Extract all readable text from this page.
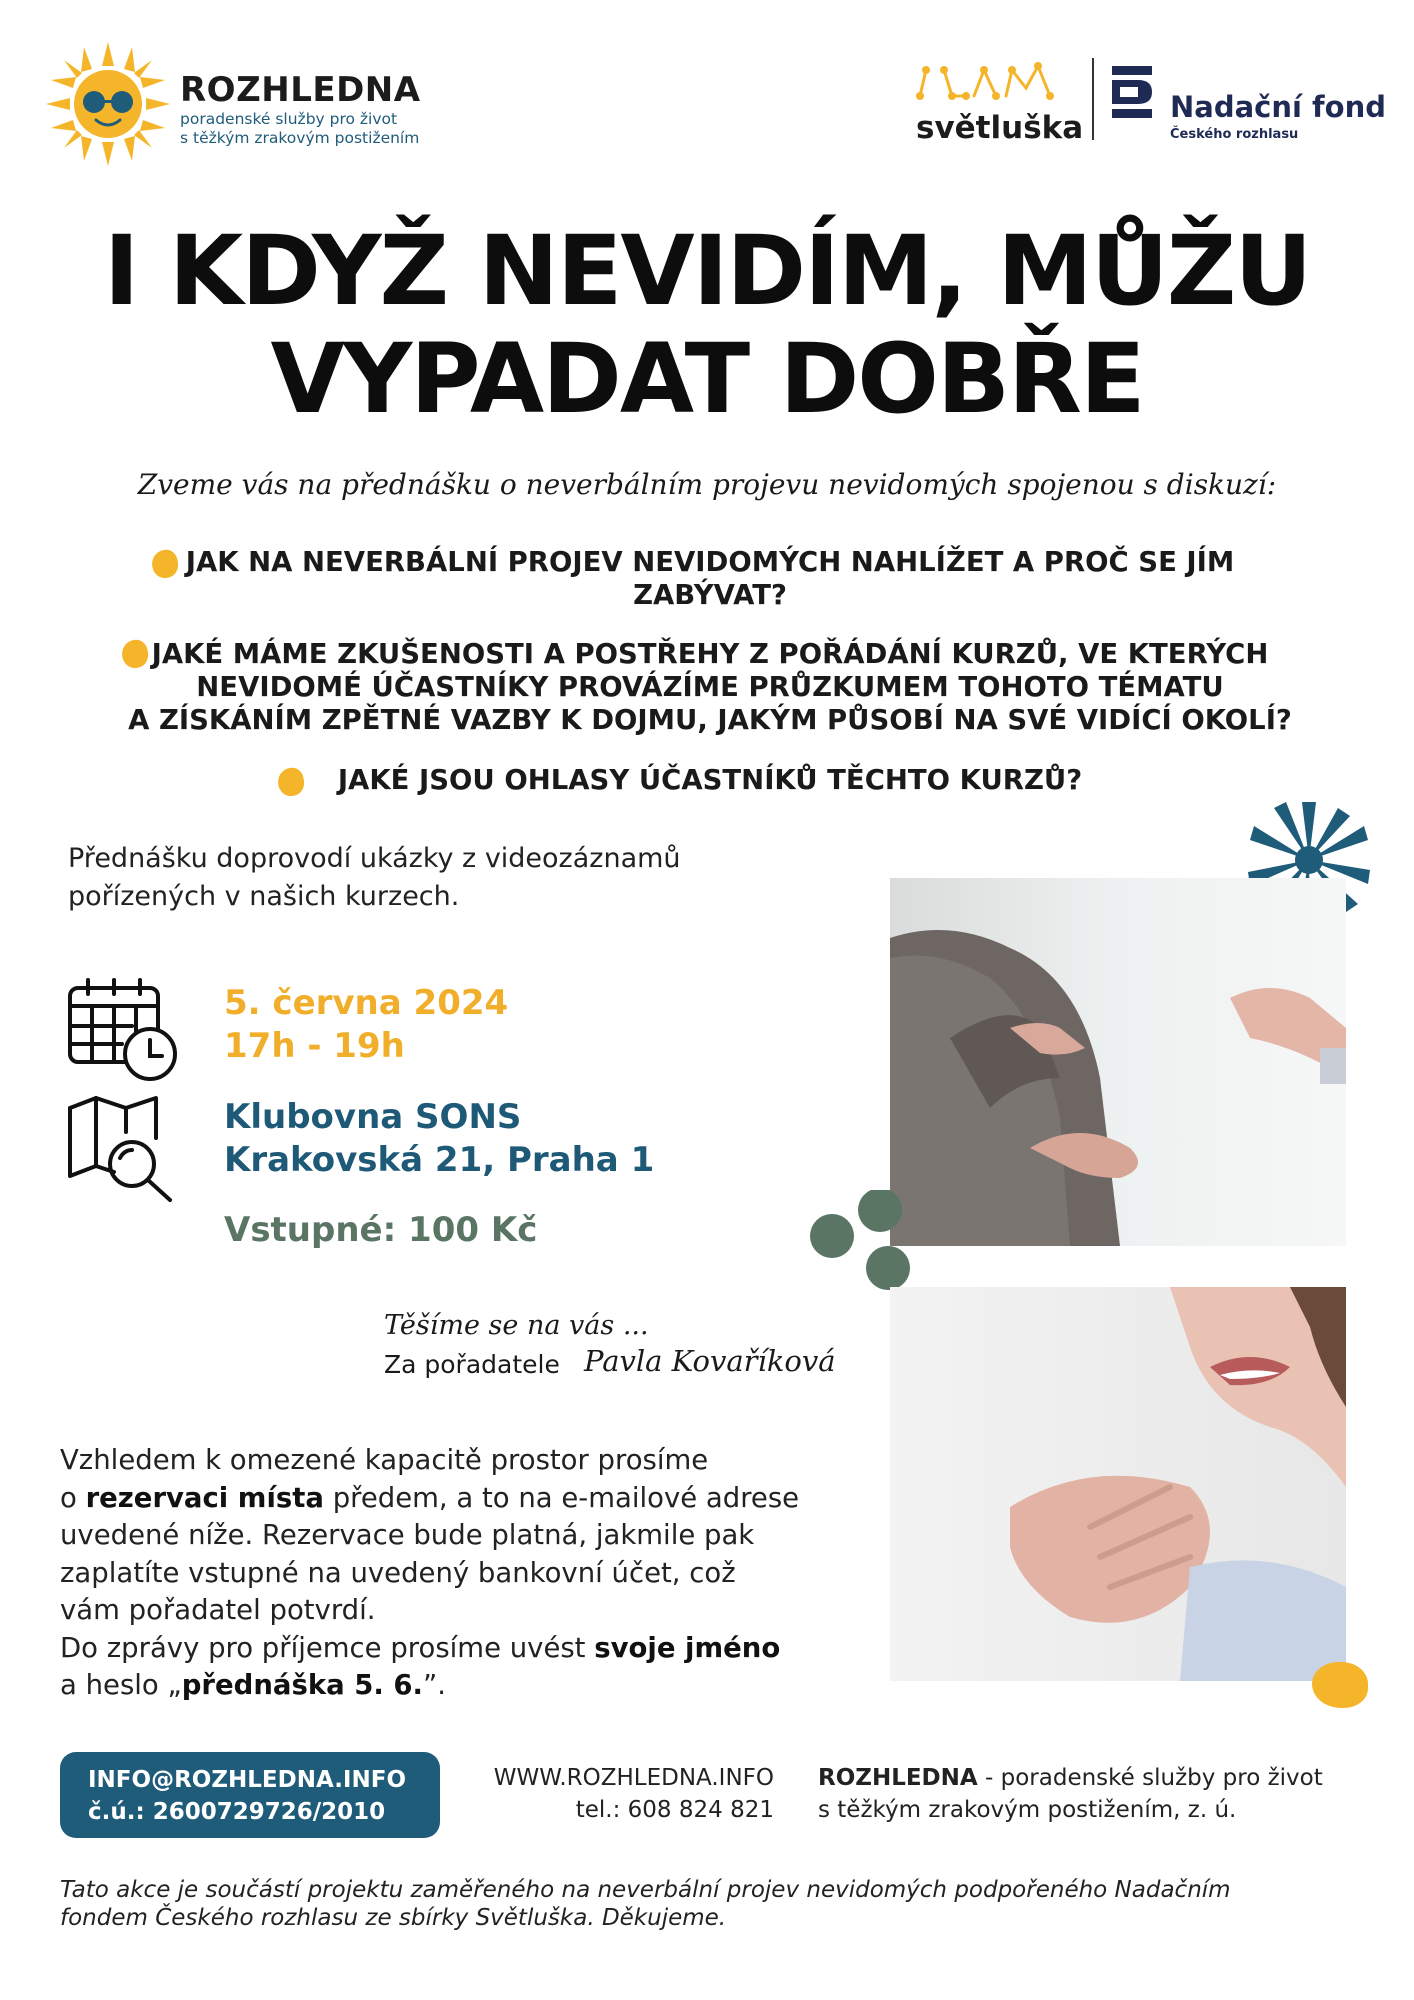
ROZHLEDNA
poradenské služby pro život
s těžkým zrakovým postižením	světluška
Nadační fond
Českého rozhlasu
I KDYŽ NEVIDÍM, MŮŽU
VYPADAT DOBŘE
Zveme vás na přednášku o neverbálním projevu nevidomých spojenou s diskuzí:
JAK NA NEVERBÁLNÍ PROJEV NEVIDOMÝCH NAHLÍŽET A PROČ SE JÍM
ZABÝVAT?
JAKÉ MÁME ZKUŠENOSTI A POSTŘEHY Z POŘÁDÁNÍ KURZŮ, VE KTERÝCH
NEVIDOMÉ ÚČASTNÍKY PROVÁZÍME PRŮZKUMEM TOHOTO TÉMATU
A ZÍSKÁNÍM ZPĚTNÉ VAZBY K DOJMU, JAKÝM PŮSOBÍ NA SVÉ VIDÍCÍ OKOLÍ?
JAKÉ JSOU OHLASY ÚČASTNÍKŮ TĚCHTO KURZŮ?
Přednášku doprovodí ukázky z videozáznamů
pořízených v našich kurzech.
5. června 2024
17h - 19h
Klubovna SONS
Krakovská 21, Praha 1
Vstupné: 100 Kč
Těšíme se na vás ...
Za pořadatele Pavla Kovaříková
Vzhledem k omezené kapacitě prostor prosíme
o rezervaci místa předem, a to na e-mailové adrese
uvedené níže. Rezervace bude platná, jakmile pak
zaplatíte vstupné na uvedený bankovní účet, což
vám pořadatel potvrdí.
Do zprávy pro příjemce prosíme uvést svoje jméno
a heslo „přednáška 5. 6.”.
INFO@ROZHLEDNA.INFO
č.ú.: 2600729726/2010
WWW.ROZHLEDNA.INFO
tel.: 608 824 821
ROZHLEDNA - poradenské služby pro život
s těžkým zrakovým postižením, z. ú.
Tato akce je součástí projektu zaměřeného na neverbální projev nevidomých podpořeného Nadačním
fondem Českého rozhlasu ze sbírky Světluška. Děkujeme.
